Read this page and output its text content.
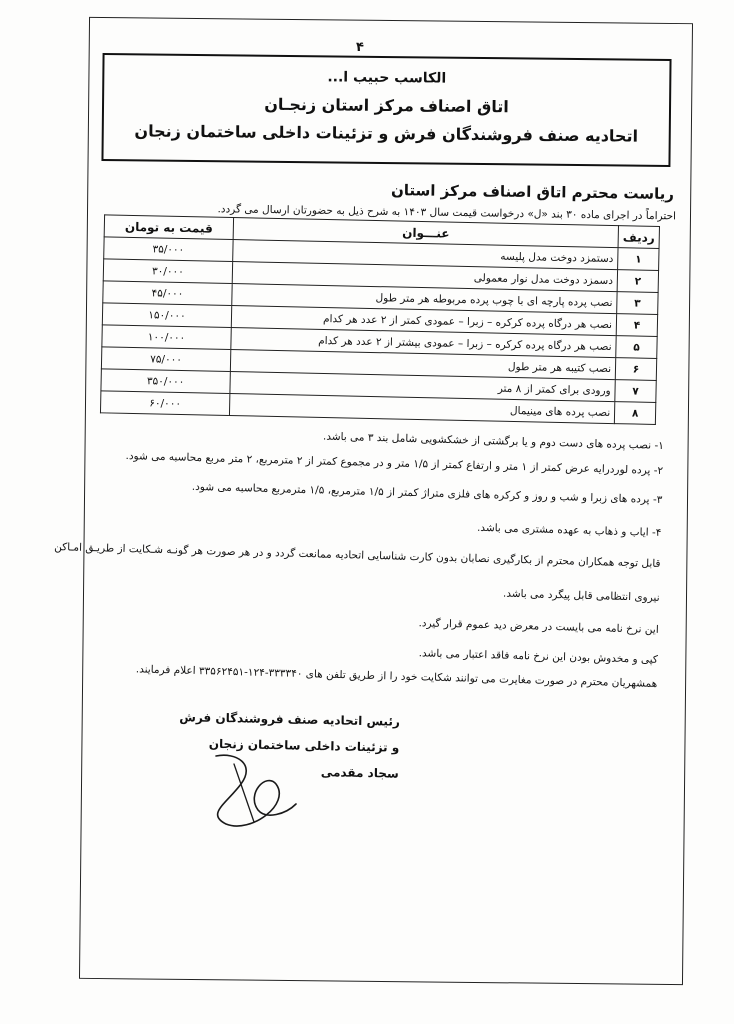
۴
الکاسب حبیب ا...
اتاق اصناف مرکز استان زنجـان
اتحادیه صنف فروشندگان فرش و تزئینات داخلی ساختمان زنجان
ریاست محترم اتاق اصناف مرکز استان
احتراماً در اجرای ماده ۳۰ بند «ل» درخواست قیمت سال ۱۴۰۳ به شرح ذیل به حضورتان ارسال می گردد.
ردیف	عنـــوان	قیمت به تومان
۱	دستمزد دوخت مدل پلیسه	۳۵/۰۰۰
۲	دسمزد دوخت مدل نوار معمولی	۳۰/۰۰۰
۳	نصب پرده پارچه ای با چوب پرده مربوطه هر متر طول	۴۵/۰۰۰
۴	نصب هر درگاه پرده کرکره – زبرا – عمودی کمتر از ۲ عدد هر کدام	۱۵۰/۰۰۰
۵	نصب هر درگاه پرده کرکره – زبرا – عمودی بیشتر از ۲ عدد هر کدام	۱۰۰/۰۰۰
۶	نصب کتیبه هر متر طول	۷۵/۰۰۰
۷	ورودی برای کمتر از ۸ متر	۳۵۰/۰۰۰
۸	نصب پرده های مینیمال	۶۰/۰۰۰

۱- نصب پرده های دست دوم و یا برگشتی از خشکشویی شامل بند ۳ می باشد.

۲- پرده لوردرایه عرض کمتر از ۱ متر و ارتفاع کمتر از ۱/۵ متر و در مجموع کمتر از ۲ مترمربع، ۲ متر مربع محاسبه می شود.

۳- پرده های زبرا و شب و روز و کرکره های فلزی متراژ کمتر از ۱/۵ مترمربع، ۱/۵ مترمربع محاسبه می شود.

۴- ایاب و ذهاب به عهده مشتری می باشد.

قابل توجه همکاران محترم از بکارگیری نصابان بدون کارت شناسایی اتحادیه ممانعت گردد و در هر صورت هر گونـه شـکایت از طریـق امـاکن

نیروی انتظامی قابل پیگرد می باشد.

این نرخ نامه می بایست در معرض دید عموم قرار گیرد.

کپی و مخدوش بودن این نرخ نامه فاقد اعتبار می باشد.

همشهریان محترم در صورت مغایرت می توانند شکایت خود را از طریق تلفن های ۳۳۳۳۴۰-۱۲۴-۳۳۵۶۲۴۵۱ اعلام فرمایند.

رئیس اتحادیه صنف فروشندگان فرش
و تزئینات داخلی ساختمان زنجان
سجاد مقدمی
